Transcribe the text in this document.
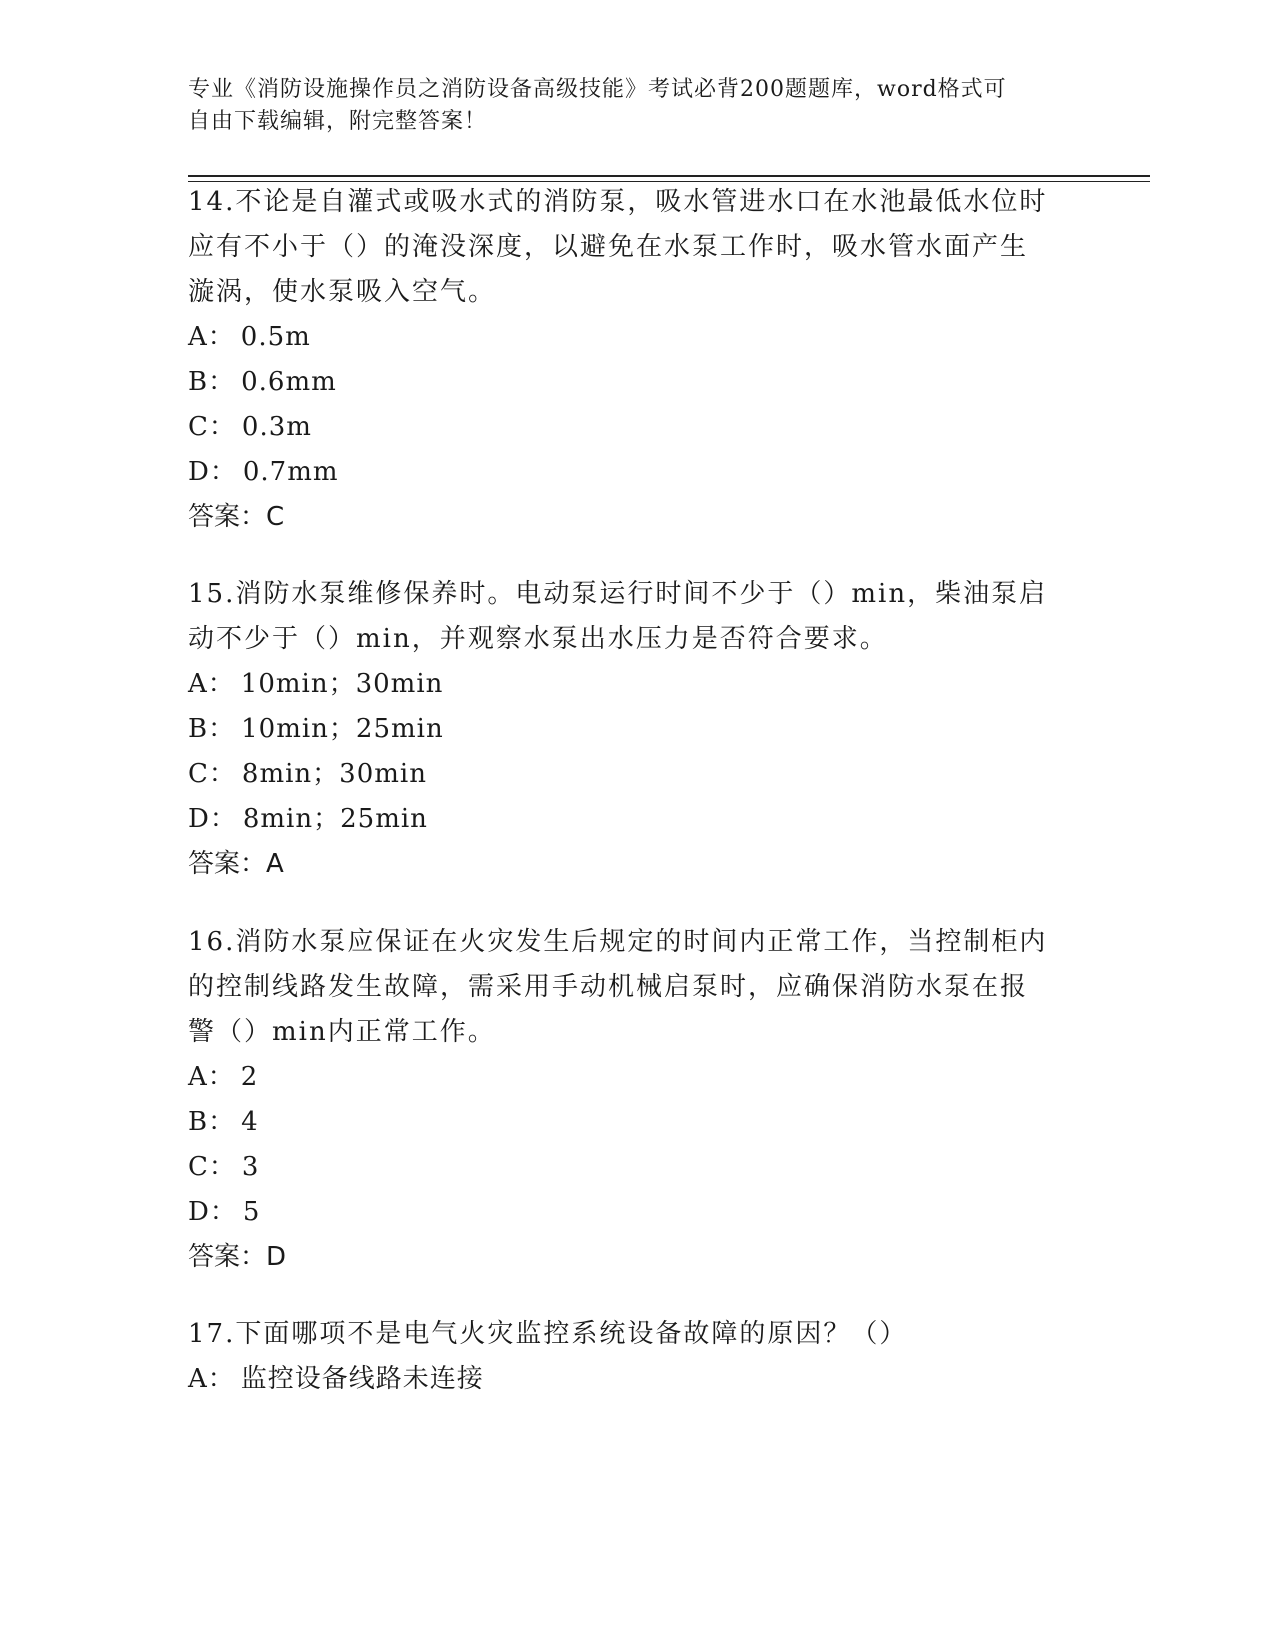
专业《消防设施操作员之消防设备高级技能》考试必背200题题库，word格式可
自由下载编辑，附完整答案！
14.不论是自灌式或吸水式的消防泵，吸水管进水口在水池最低水位时
应有不小于（）的淹没深度，以避免在水泵工作时，吸水管水面产生
漩涡，使水泵吸入空气。
A： 0.5m
B： 0.6mm
C： 0.3m
D： 0.7mm
答案：C
15.消防水泵维修保养时。电动泵运行时间不少于（）min，柴油泵启
动不少于（）min，并观察水泵出水压力是否符合要求。
A： 10min；30min
B： 10min；25min
C： 8min；30min
D： 8min；25min
答案：A
16.消防水泵应保证在火灾发生后规定的时间内正常工作，当控制柜内
的控制线路发生故障，需采用手动机械启泵时，应确保消防水泵在报
警（）min内正常工作。
A： 2
B： 4
C： 3
D： 5
答案：D
17.下面哪项不是电气火灾监控系统设备故障的原因？（）
A： 监控设备线路未连接
